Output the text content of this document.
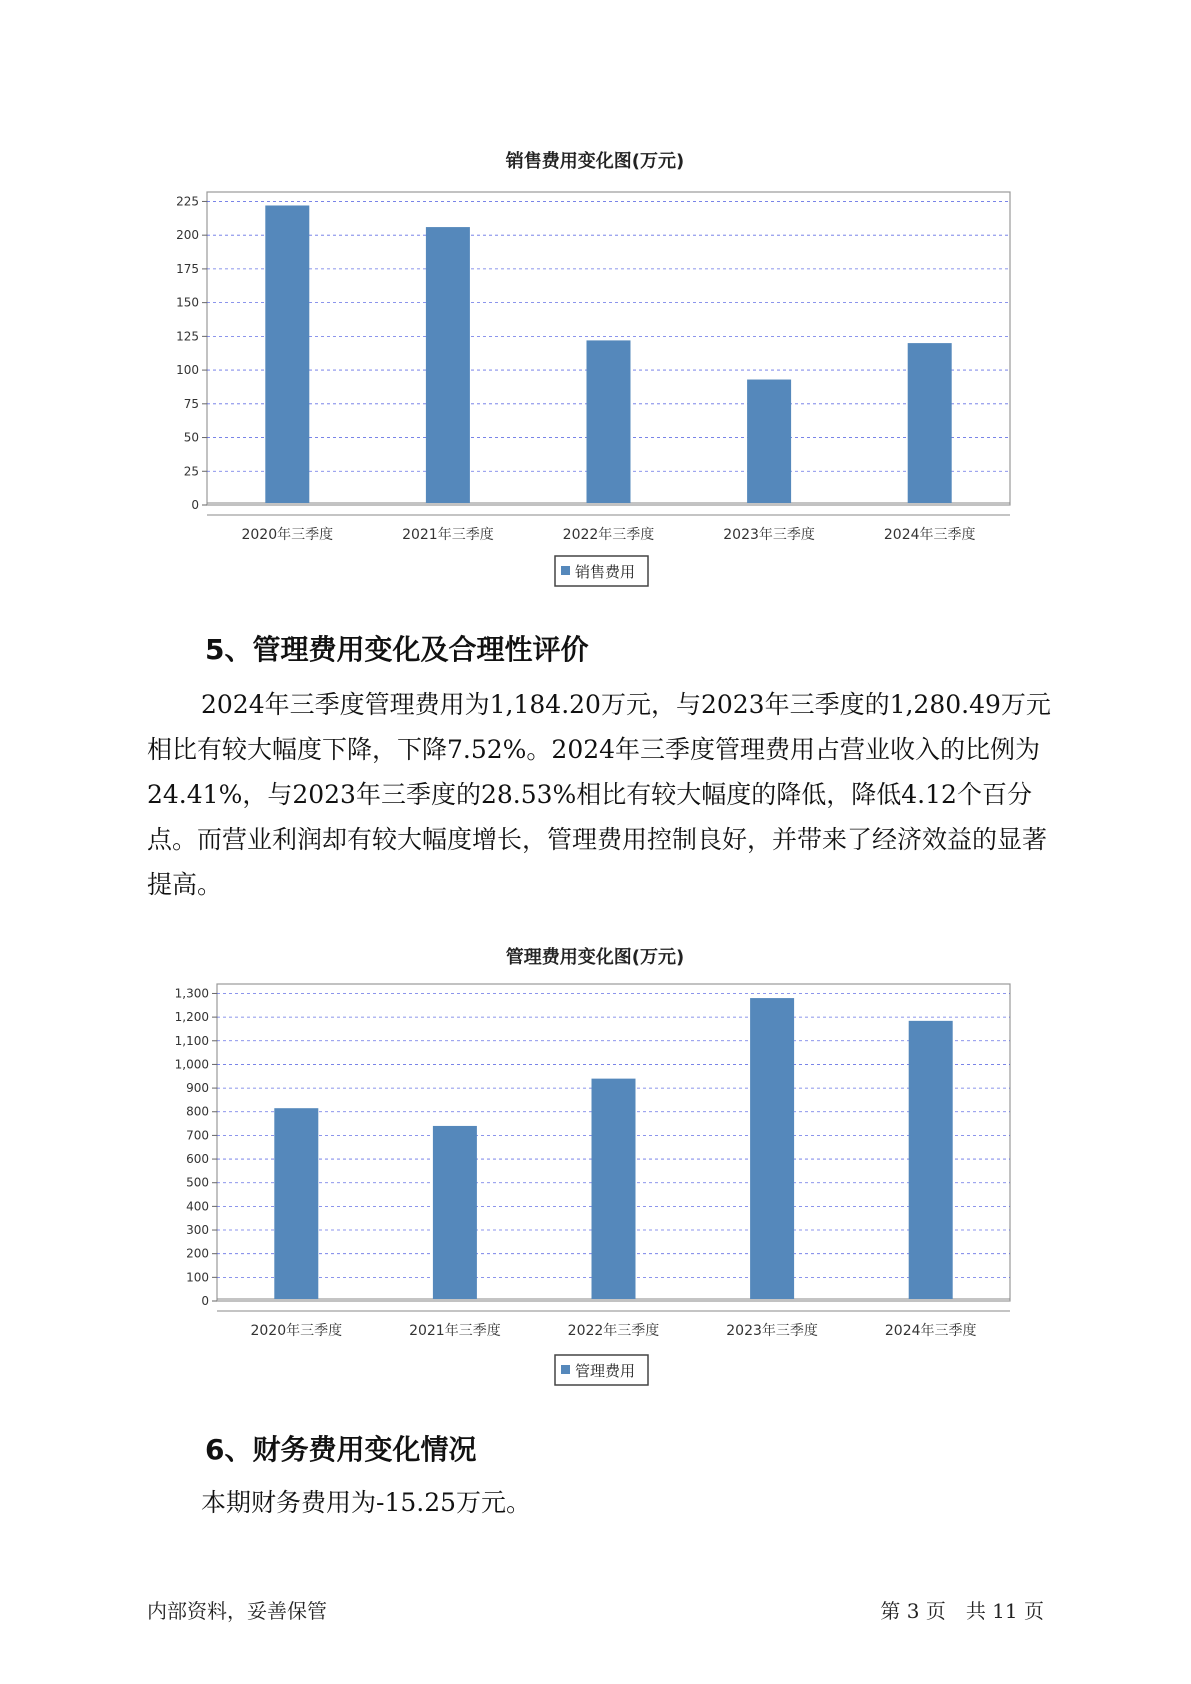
销售费用变化图(万元)
0
25
50
75
100
125
150
175
200
225
2020年三季度	2021年三季度	2022年三季度	2023年三季度	2024年三季度
销售费用
5、管理费用变化及合理性评价

2024年三季度管理费用为1,184.20万元，与2023年三季度的1,280.49万元相比有较大幅度下降，下降7.52%。2024年三季度管理费用占营业收入的比例为24.41%，与2023年三季度的28.53%相比有较大幅度的降低，降低4.12个百分点。而营业利润却有较大幅度增长，管理费用控制良好，并带来了经济效益的显著提高。

管理费用变化图(万元)
0
100
200
300
400
500
600
700
800
900
1,000
1,100
1,200
1,300
2020年三季度	2021年三季度	2022年三季度	2023年三季度	2024年三季度
管理费用
6、财务费用变化情况

本期财务费用为-15.25万元。

内部资料，妥善保管	第 3 页　共 11 页
